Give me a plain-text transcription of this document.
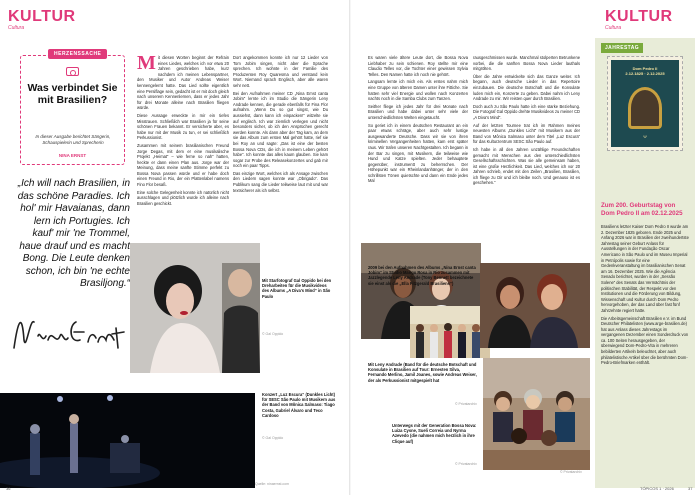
KULTUR
Cultura
KULTUR
Cultura
HERZENSSACHE
Was verbindet Sie mit Brasilien?
In dieser Ausgabe berichtet Sängerin, Schauspielerin und Sprecherin
NINA ERNST
„Ich will nach Brasilien, in das schöne Paradies. Ich hol' mir Havaianas, dann lern ich Portugies. Ich kauf' mir 'ne Trommel, haue drauf und es macht Bong. Die Leute denken schon, ich bin 'ne echte Brasiljong.“

Mit diesen Worten beginnt der Refrain eines Liedes, welches ich vor etwa 20 Jahren geschrieben habe, kurz nachdem ich meinen Lebenspartner, den Musiker und Autor Andreas Weiser kennengelernt hatte. Das Lied sollte eigentlich eine Persiflage sein, gedacht ist er mit doch gleich nach unserem Kennenlernen, dass er jedes Jahr für drei Monate alleine nach Brasilien fliegen würde.

Diese Aussage erweckte in mir ein tiefes Misstrauen. Schließlich war Brasilien ja für seine schönen Frauen bekannt. Er versicherte aber, es habe nur mit der Musik zu tun, er sei schließlich Perkussionist.

Zusammen mit seinem brasilianischen Freund Jorge Degas, mit dem er eine musikalische Projekt „Heimat“ – wie ferne so nah“ hatten, heckte er dann einen Plan aus. Jorge war der Meinung, dass meine sanfte Stimme perfekt zu Bossa Nova passen würde und er habe doch einen Freund in Rio, der ein Plattenlabel namens Fino Flor besaß.

Eine solche Gelegenheit konnte ich natürlich nicht ausschlagen und plötzlich wurde ich alleine nach Brasilien geschickt.

Dort angekommen konnte ich nur 12 Lieder von Tom Jobim singen, nicht aber die Sprache sprechen. Ich wohnte in der Familie des Produzenten Roy Quaresma und verstand kein Wort. Niemand sprach Englisch, aber alle waren sehr nett.

Bei den Aufnahmen meiner CD „Nina Ernst canta Jobim“ lernte ich im Studio die Sängerin Leny Andrade kennen, die gerade ebenfalls für Fina Flor aufnahm. „Wenn Du so gut singst, wie Du aussiehst, dann kann ich einpacken!“ witzelte sie auf englisch. Ich war ziemlich verlegen und nicht besonders sicher, ob ich den Ansprüchen gerecht werden konnte. Als dann aber der Tag kam, an dem sie das Album zum ersten Mal gehört hatte, rief sie bei Roy an und sagte: „Das ist eine der besten Bossa Nova CDs, die ich in meinem Leben gehört habe“. Ich konnte das alles kaum glauben. Sie kam sogar zur Probe des Releasekonzertes und gab mir noch ein paar Tipps.

Das einzige Wort, welches ich als Ansage zwischen den Liedern sagen konnte war „Obrigado“. Das Publikum sang die Lieder teilweise laut mit und war textsicherer als ich selbst.

Es waren viele ältere Leute dort, die Bossa Nova Liebhaber zu sein schienen. Roy stellte mir eine Claudio Telles vor, die Tochter einer gewissen Sylvia Telles. Den Namen hatte ich noch nie gehört.

Langsam lernte ich mich ein. Als erstes nahm mich eine Gruppe von älteren Damen unter ihre Fittiche. Sie hatten sehr viel Energie und wollen nach Konzerten nachts noch in die Samba Clubs zum Tanzen.

Seither fliege ich jedes Jahr für drei Monate nach Brasilien und habe dabei unter sehr viele der unterschiedlichsten Welten eingetaucht.

So geriet ich in einem deutschen Restaurant an ein paar etwas schräge, aber auch sehr lustige ausgewanderte Deutsche. Dass wir sie von ihren kriminellen Vergangenheiten hatten, kam erst später raus. Wir trafen unseren Nachtgestalten. Ich begann in der Bar zu singen, mit Musikern, die teilweise wie Hund und Katze spielten. Jeder behauptete gegenüber, instrumentt zu beherrschen. Der Höhepunkt war ein Rheinlandanhänger, der in den schrillsten Tönen quietschte und dann ein Ende jedes Mal

rausgeschmissen wurde. Manchmal stolperten Betrunkene vorbei, die die sanften Bossa Nova Lieder lauthals mitgrölten.

Über die Jahre entwickelte sich das Ganze weiter. Ich begann, auch deutsche Lieder in das Repertoire einzubauen. Die deutsche Botschaft und die Konsulate luden mich ein, Konzerte zu geben. Dabei nahm ich Leny Andrade zu mir. Wir reisten quer durch Brasilien.

Doch auch zu São Paulo hatte ich eine starke Beziehung. Die Fotograf Gal Oppido drehte Musikvideos zu meiner CD „A Diva's Mind“.

Auf der letzten Tournee trat ich im Rahmen meines neuesten Albums „Dunkles Licht“ mit Musikern aus der Band von Mônica Salmaso unter dem Titel „Luz Escura“ für das Kulturzentrum SESC São Paulo auf.

Ich habe in all den Jahren unzählige Freundschaften gemacht mit Menschen aus den unterschiedlichsten Gesellschaftsschichten. Was sie alle gemeinsam haben, ist eine große Herzlichkeit. Das Lied, welches ich vor 20 Jahren schrieb, endet mit den Zeilen „Brasilien, Brasilien, ich fliege zu Dir und ich bleibe noch. Und genauso ist es geschehen.“

Mit Starfotograf Gal Oppido bei den Dreharbeiten für die Musikvideos des Albums „A Diva's Mind“ in São Paulo
© Gal Oppido
Konzert „Luz Escura“ (Dunkles Licht) für SESC São Paulo mit Musikern aus der Band von Mônica Salmaso: Tiago Costa, Gabriel Álvaro und Teco Cardoso
© Gal Oppido
Quelle: ninaernst.com
2009 bei den Aufnahmen des Albums „Nina Ernst canta Jobim“ im Studio Mango Rosa in Rio zusammen mit Jazzlegende Leny Andrade (Tony Bennett bezeichnete sie einst als die „Ella Fitzgerald Brasiliens“)
Mit Leny Andrade (Band für die deutsche Botschaft und Konsulate in Brasilien auf Tour: Ernesten Silva, Fernando Merlino, Jamil Joanes, sowie Andreas Weiser, der als Perkussionist mitgespielt hat
© Privatarchiv
© Privatarchiv
Unterwegs mit der Generation Bossa Nova: Luiza Cysne, Sueli Correia und Nyrma Azevedo (die nahmen mich herzlich in ihre Clique auf)
© Privatarchiv
JAHRESTAG
Dom Pedro II
2.12.1825 · 2.12.2025
Ψ
Zum 200. Geburtstag von Dom Pedro II am 02.12.2025

Brasiliens letzter Kaiser Dom Pedro II wurde am 2. Dezember 1825 geboren. Ende 2025 und Anfang 2026 war in Brasilien der zweihundertste Jahrestag seiner Geburt Anlass für Ausstellungen in der Fundação Oscar Americano in São Paulo und im Museu Imperial in Petrópolis sowie für eine Gedenkveranstaltung im brasilianischen Senat am 16. Dezember 2025. Wie die Agência Senado berichtet, wurden in der „Sessão Solene“ des Senats das Vermächtnis der politischen Stabilität, der Respekt vor den Institutionen und die Förderung von Bildung, Wissenschaft und Kultur durch Dom Pedro hervorgehoben, der das Land über fast fünf Jahrzehnte regiert hatte.

Die Arbeitsgemeinschaft Brasilien e.V. im Bund Deutscher Philatelisten (www.arge-brasilien.de) hat aus Anlass dieses Jahrestags im vergangenen Dezember einen Sonderdruck von ca. 100 Seiten herausgegeben, der überwiegend Dom-Pedro-Vita in mehreren bebilderten Artikeln beleuchtet, aber auch philatelistische Artikel über die berühmten Dom-Pedro-Briefmarken enthält.

36	TÓPICOS 1 · 2026	37
